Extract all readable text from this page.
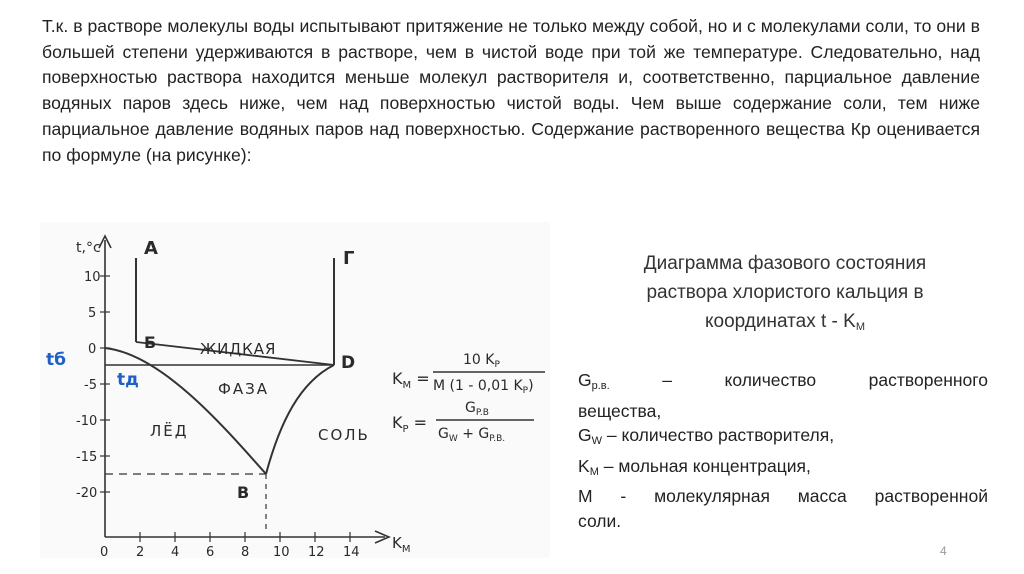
Т.к. в растворе молекулы воды испытывают притяжение не только между собой, но и с молекулами соли, то они в большей степени удерживаются в растворе, чем в чистой воде при той же температуре. Следовательно, над поверхностью раствора находится меньше молекул растворителя и, соответственно, парциальное давление водяных паров здесь ниже, чем над поверхностью чистой воды. Чем выше содержание соли, тем ниже парциальное давление водяных паров над поверхностью. Содержание растворенного вещества Кр оценивается по формуле (на рисунке):

t,°c
$K_M$
10
5
0
-5
-10
-15
-20
0 2 4 6 8 10 12 14
A	Г
Б
D
В
ЖИДКАЯ
ФАЗА
ЛЁД	СОЛЬ
tб
tд	$K_M$ =
10 $K_P$
M (1 - 0,01 $K_P$)
$K_P$ =
$G_{P.B}$
$G_W + G_{P.B.}$
Диаграмма фазового состояния
раствора хлористого кальция в
координатах t - $K_M$
$G_{р.в.}$ – количество растворенного
вещества,
$G_W$ – количество растворителя,
$K_M$ – мольная концентрация,
M - молекулярная масса растворенной
соли.
4
